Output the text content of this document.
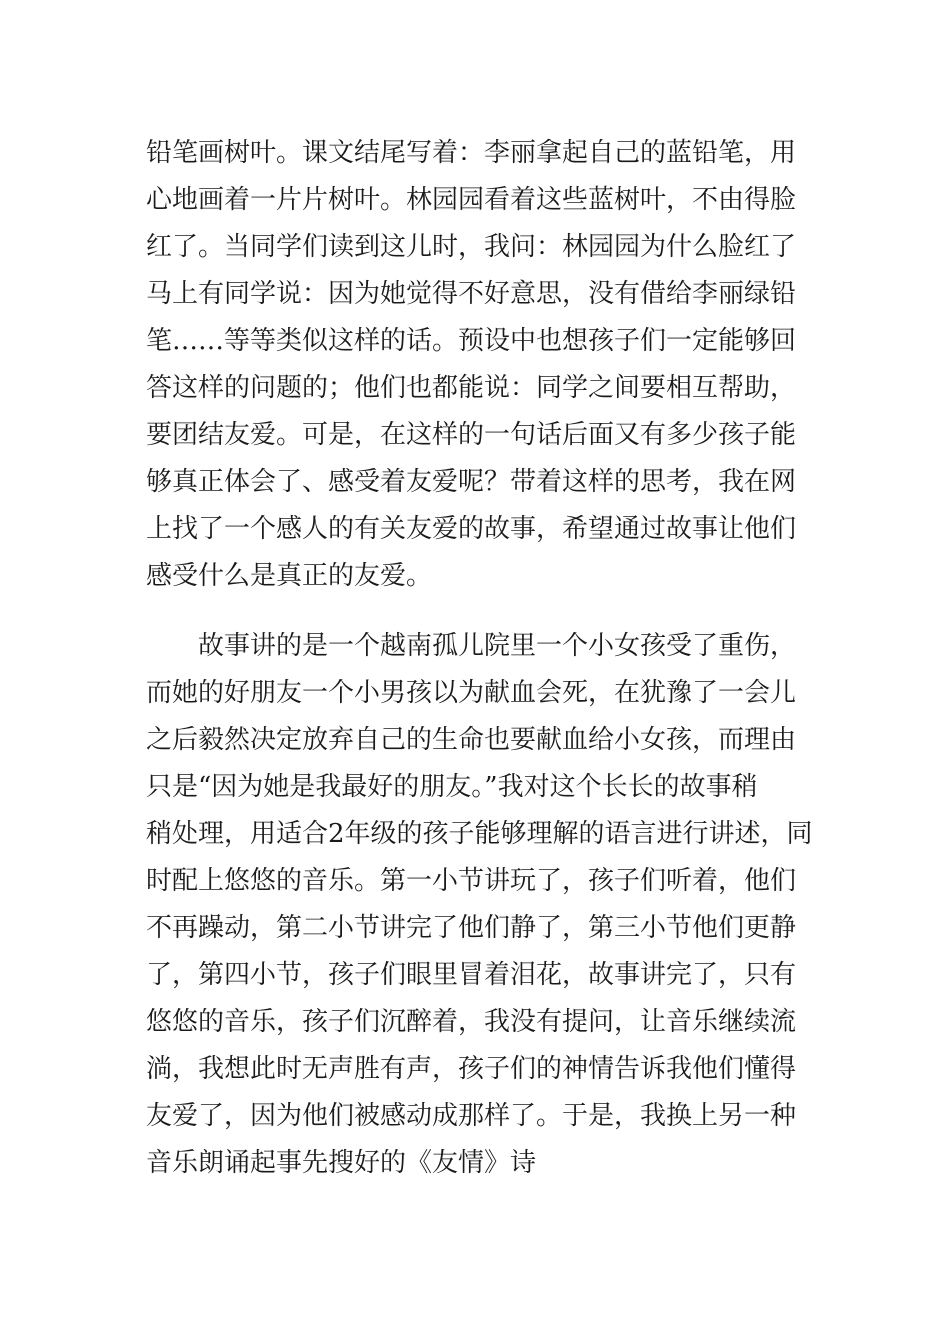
铅笔画树叶。课文结尾写着：李丽拿起自己的蓝铅笔，用
心地画着一片片树叶。林园园看着这些蓝树叶，不由得脸
红了。当同学们读到这儿时，我问：林园园为什么脸红了
马上有同学说：因为她觉得不好意思，没有借给李丽绿铅
笔……等等类似这样的话。预设中也想孩子们一定能够回
答这样的问题的；他们也都能说：同学之间要相互帮助，
要团结友爱。可是，在这样的一句话后面又有多少孩子能
够真正体会了、感受着友爱呢？带着这样的思考，我在网
上找了一个感人的有关友爱的故事，希望通过故事让他们
感受什么是真正的友爱。
故事讲的是一个越南孤儿院里一个小女孩受了重伤，
而她的好朋友一个小男孩以为献血会死，在犹豫了一会儿
之后毅然决定放弃自己的生命也要献血给小女孩，而理由
只是“因为她是我最好的朋友。”我对这个长长的故事稍
稍处理，用适合2年级的孩子能够理解的语言进行讲述，同
时配上悠悠的音乐。第一小节讲玩了，孩子们听着，他们
不再躁动，第二小节讲完了他们静了，第三小节他们更静
了，第四小节，孩子们眼里冒着泪花，故事讲完了，只有
悠悠的音乐，孩子们沉醉着，我没有提问，让音乐继续流
淌，我想此时无声胜有声，孩子们的神情告诉我他们懂得
友爱了，因为他们被感动成那样了。于是，我换上另一种
音乐朗诵起事先搜好的《友情》诗
